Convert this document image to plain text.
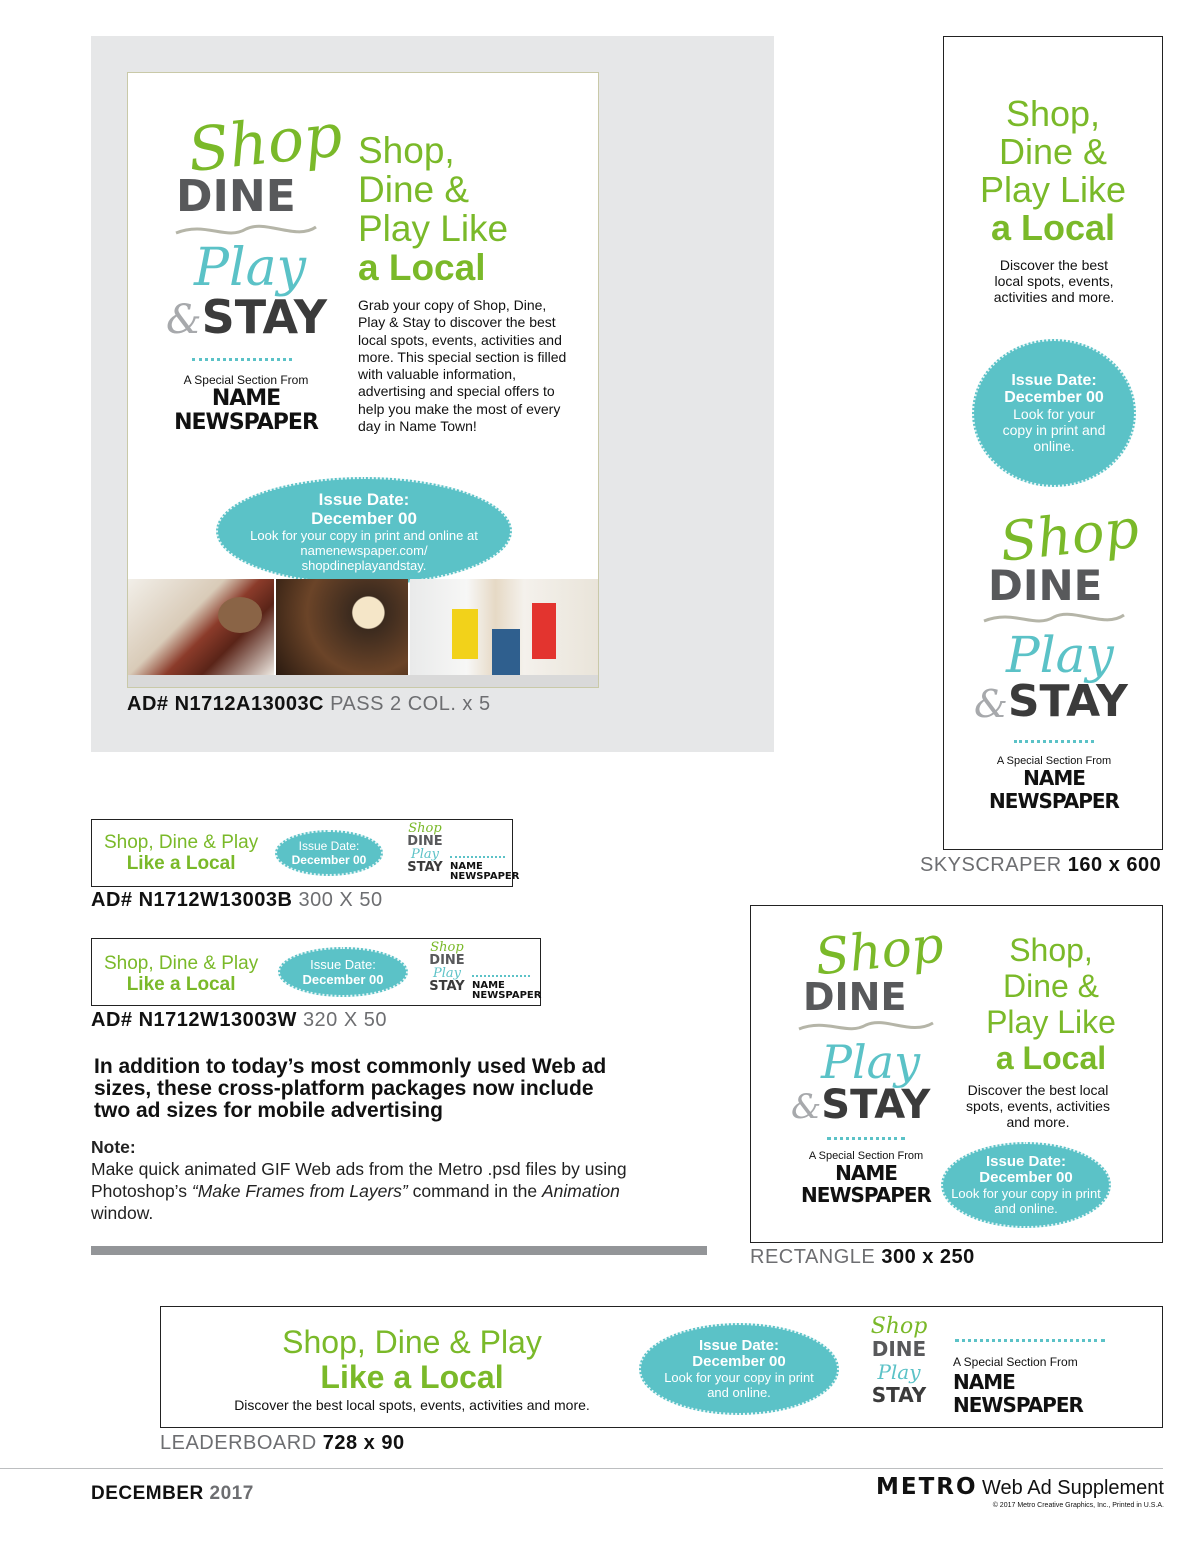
Shop
DINE
Play
& STAY
A Special Section From
NAME
NEWSPAPER
Shop,
Dine &
Play Like
a Local
Grab your copy of Shop, Dine, Play & Stay to discover the best local spots, events, activities and more. This special section is filled with valuable information, advertising and special offers to help you make the most of every day in Name Town!
Issue Date:
December 00
Look for your copy in print and online at namenewspaper.com/ shopdineplayandstay.
AD# N1712A13003C PASS 2 COL. x 5
Shop,
Dine &
Play Like
a Local
Discover the best local spots, events, activities and more.
Issue Date:
December 00
Look for your copy in print and online.
Shop
DINE
Play
& STAY
A Special Section From
NAME
NEWSPAPER
SKYSCRAPER 160 x 600
Shop, Dine & Play
Like a Local
Issue Date:
December 00
Shop
DINE
Play
STAY NAME
NEWSPAPER
AD# N1712W13003B 300 X 50
Shop, Dine & Play
Like a Local
Issue Date:
December 00
Shop
DINE
Play
STAY NAME
NEWSPAPER
AD# N1712W13003W 320 X 50
In addition to today’s most commonly used Web ad sizes, these cross-platform packages now include two ad sizes for mobile advertising
Note:
Make quick animated GIF Web ads from the Metro .psd files by using Photoshop’s “Make Frames from Layers” command in the Animation window.
Shop
DINE
Play
& STAY
A Special Section From
NAME
NEWSPAPER
Shop,
Dine &
Play Like
a Local
Discover the best local spots, events, activities and more.
Issue Date:
December 00
Look for your copy in print and online.
RECTANGLE 300 x 250
Shop, Dine & Play
Like a Local
Discover the best local spots, events, activities and more.
Issue Date:
December 00
Look for your copy in print and online.
Shop
DINE
Play
STAY
A Special Section From
NAME
NEWSPAPER
LEADERBOARD 728 x 90
DECEMBER 2017	METRO Web Ad Supplement
© 2017 Metro Creative Graphics, Inc., Printed in U.S.A.
